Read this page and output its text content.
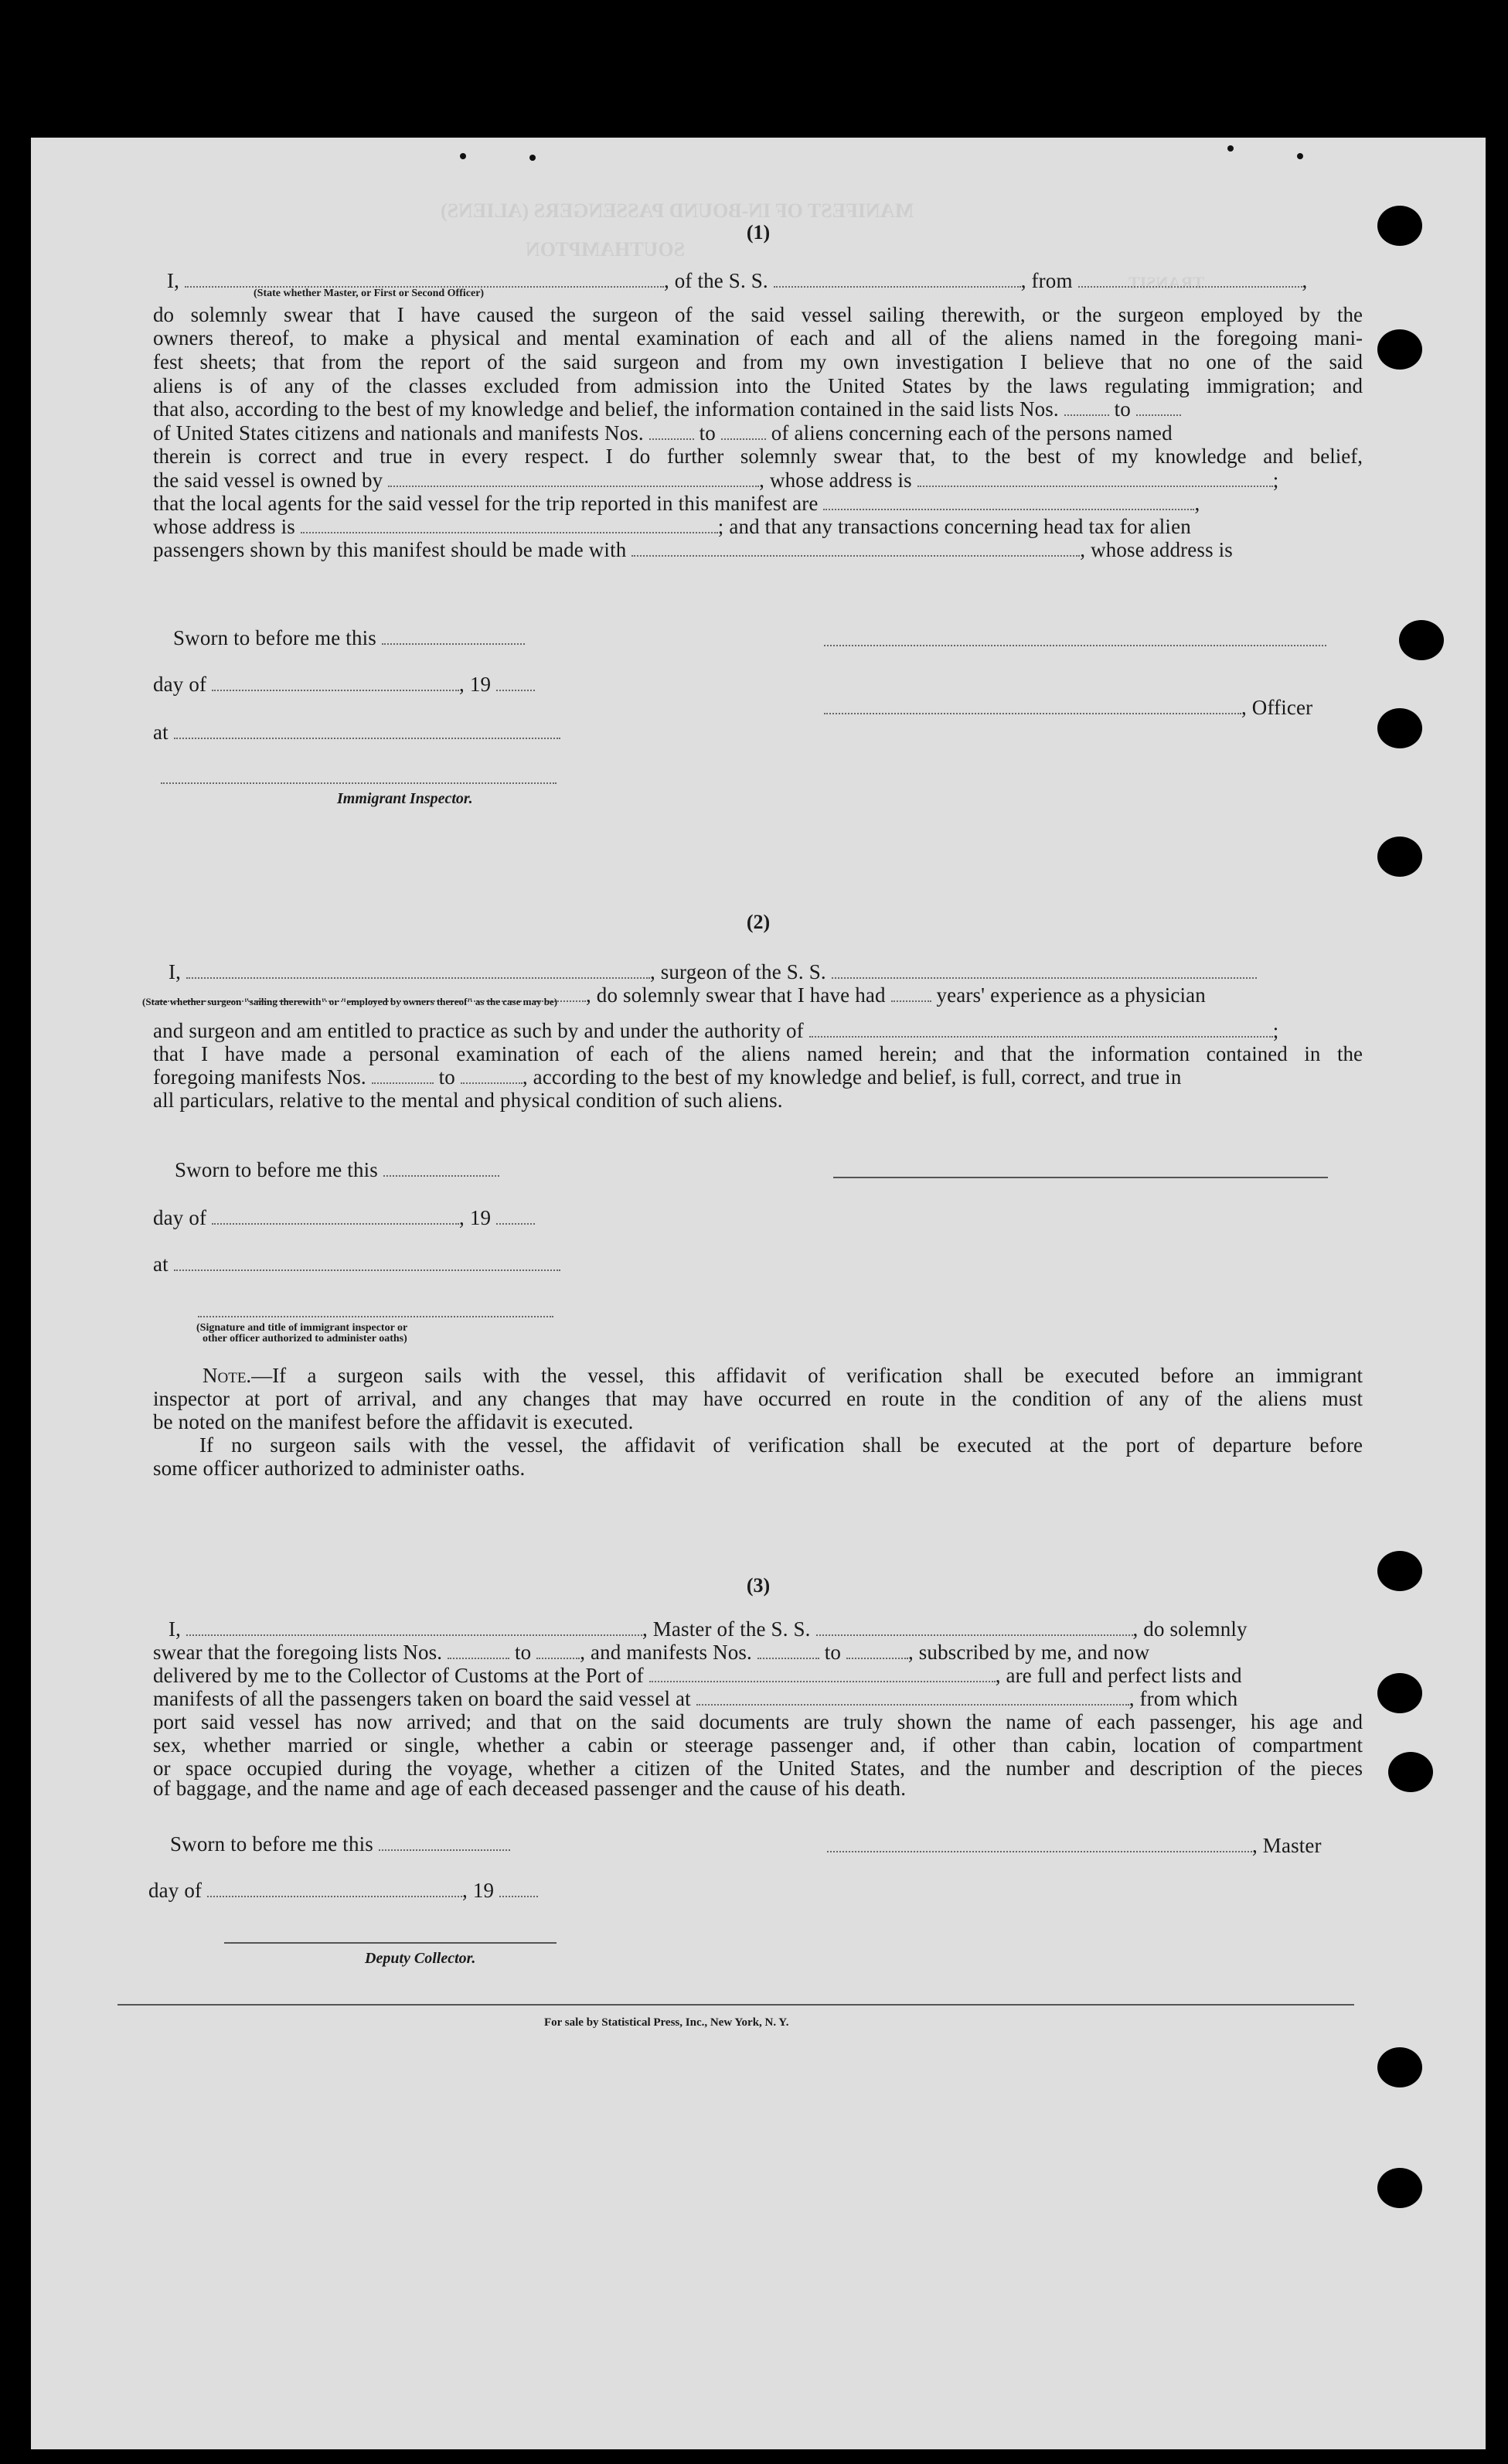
MANIFEST OF IN-BOUND PASSENGERS (ALIENS)
SOUTHAMPTON
TRANSIT
(1)
I,	, of the S. S.	, from	,
(State whether Master, or First or Second Officer)
do solemnly swear that I have caused the surgeon of the said vessel sailing therewith, or the surgeon employed by the
owners thereof, to make a physical and mental examination of each and all of the aliens named in the foregoing mani-
fest sheets; that from the report of the said surgeon and from my own investigation I believe that no one of the said
aliens is of any of the classes excluded from admission into the United States by the laws regulating immigration; and
that also, according to the best of my knowledge and belief, the information contained in the said lists Nos.	to
of United States citizens and nationals and manifests Nos.	to	of aliens concerning each of the persons named
therein is correct and true in every respect. I do further solemnly swear that, to the best of my knowledge and belief,
the said vessel is owned by	, whose address is	;
that the local agents for the said vessel for the trip reported in this manifest are	,
whose address is	; and that any transactions concerning head tax for alien
passengers shown by this manifest should be made with	, whose address is
Sworn to before me this
day of	, 19
, Officer
at
Immigrant Inspector.
(2)
I,	, surgeon of the S. S.
, do solemnly swear that I have had years' experience as a physician
(State whether surgeon "sailing therewith" or "employed by owners thereof" as the case may be)
and surgeon and am entitled to practice as such by and under the authority of	;
that I have made a personal examination of each of the aliens named herein; and that the information contained in the
foregoing manifests Nos.	to	, according to the best of my knowledge and belief, is full, correct, and true in
all particulars, relative to the mental and physical condition of such aliens.
Sworn to before me this
day of	, 19
at
(Signature and title of immigrant inspector or
other officer authorized to administer oaths)
Note.—If a surgeon sails with the vessel, this affidavit of verification shall be executed before an immigrant
inspector at port of arrival, and any changes that may have occurred en route in the condition of any of the aliens must
be noted on the manifest before the affidavit is executed.
If no surgeon sails with the vessel, the affidavit of verification shall be executed at the port of departure before
some officer authorized to administer oaths.
(3)
I,	, Master of the S. S.	, do solemnly
swear that the foregoing lists Nos.	to , and manifests Nos.	to	, subscribed by me, and now
delivered by me to the Collector of Customs at the Port of	, are full and perfect lists and
manifests of all the passengers taken on board the said vessel at	, from which
port said vessel has now arrived; and that on the said documents are truly shown the name of each passenger, his age and
sex, whether married or single, whether a cabin or steerage passenger and, if other than cabin, location of compartment
or space occupied during the voyage, whether a citizen of the United States, and the number and description of the pieces
of baggage, and the name and age of each deceased passenger and the cause of his death.
Sworn to before me this	, Master
day of	, 19
Deputy Collector.
For sale by Statistical Press, Inc., New York, N. Y.
